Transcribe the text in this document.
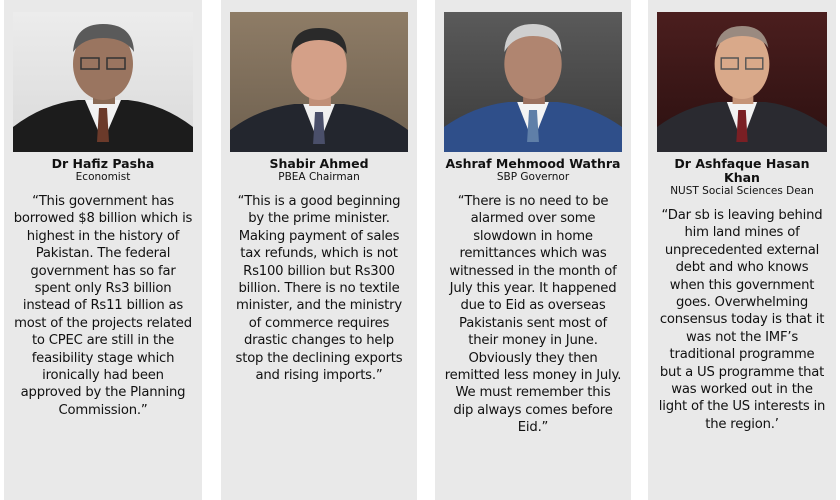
Dr Hafiz Pasha
Economist

“This government has borrowed $8 billion which is highest in the history of Pakistan. The federal government has so far spent only Rs3 billion instead of Rs11 billion as most of the projects related to CPEC are still in the feasibility stage which ironically had been approved by the Planning Commission.”

Shabir Ahmed
PBEA Chairman

“This is a good beginning by the prime minister. Making payment of sales tax refunds, which is not Rs100 billion but Rs300 billion. There is no textile minister, and the ministry of commerce requires drastic changes to help stop the declining exports and rising imports.”

Ashraf Mehmood Wathra
SBP Governor

“There is no need to be alarmed over some slowdown in home remittances which was witnessed in the month of July this year. It happened due to Eid as overseas Pakistanis sent most of their money in June. Obviously they then remitted less money in July. We must remember this dip always comes before Eid.”

Dr Ashfaque Hasan Khan
NUST Social Sciences Dean

“Dar sb is leaving behind him land mines of unprecedented external debt and who knows when this government goes. Overwhelming consensus today is that it was not the IMF’s traditional programme but a US programme that was worked out in the light of the US interests in the region.’
